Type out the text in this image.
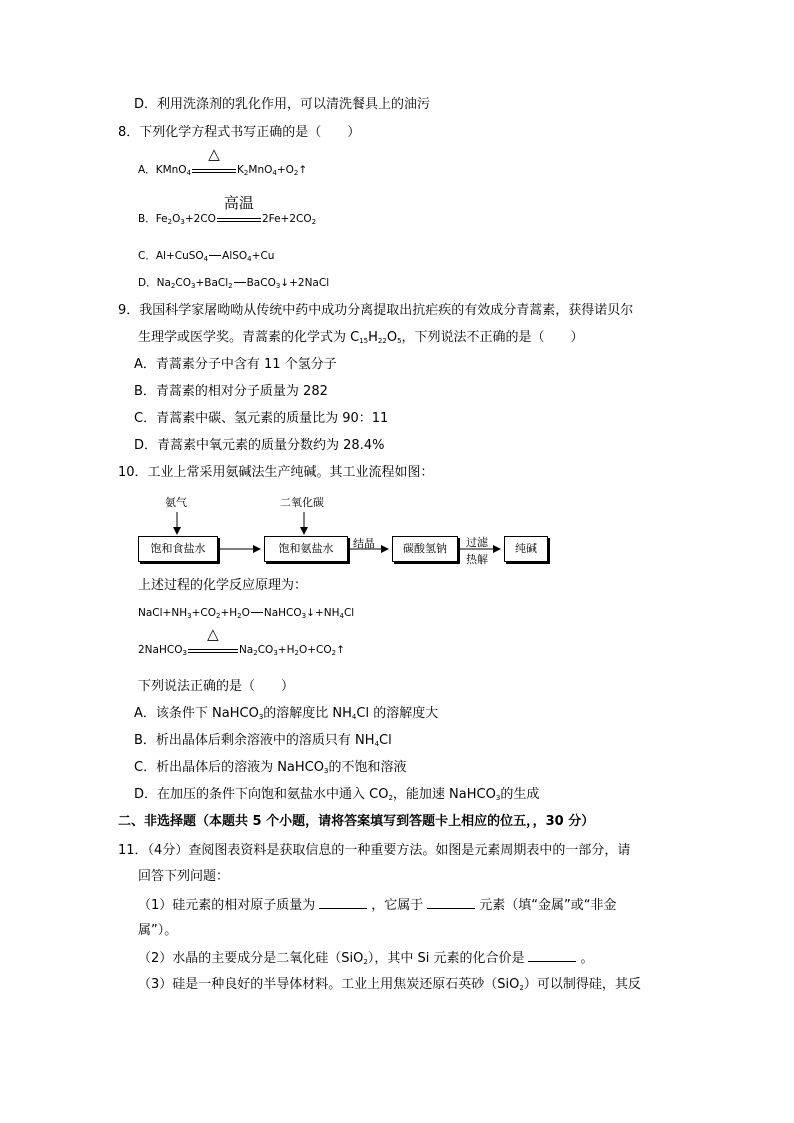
D．利用洗涤剂的乳化作用，可以清洗餐具上的油污
8．下列化学方程式书写正确的是（　　）
A．KMnO$_4$
△
$K_2MnO_4+O_2↑$
B．$Fe_2O_3+2CO$
高温
$2Fe+2CO_2$
C．Al+CuSO$_4$ AlSO$_4$+Cu
D．$Na_2CO_3+BaCl_2$ BaCO$_3$↓+2NaCl
9．我国科学家屠呦呦从传统中药中成功分离提取出抗疟疾的有效成分青蒿素，获得诺贝尔
生理学或医学奖。青蒿素的化学式为 $C_{15}H_{22}O_5$，下列说法不正确的是（　　）
A．青蒿素分子中含有 11 个氢分子
B．青蒿素的相对分子质量为 282
C．青蒿素中碳、氢元素的质量比为 90：11
D．青蒿素中氧元素的质量分数约为 28.4%
10．工业上常采用氨碱法生产纯碱。其工业流程如图：
氨气	二氧化碳
饱和食盐水	饱和氨盐水	结晶	碳酸氢钠	过滤
热解
纯碱
上述过程的化学反应原理为：
$NaCl+NH_3+CO_2+H_2O$ $NaHCO_3↓+NH_4Cl$
2NaHCO$_3$
△
$Na_2CO_3+H_2O+CO_2↑$
下列说法正确的是（　　）
A．该条件下 NaHCO$_3$的溶解度比 $NH_4Cl$ 的溶解度大
B．析出晶体后剩余溶液中的溶质只有 $NH_4Cl$
C．析出晶体后的溶液为 NaHCO$_3$的不饱和溶液
D．在加压的条件下向饱和氨盐水中通入 $CO_2$，能加速 NaHCO$_3$的生成
二、非选择题（本题共 5 个小题，请将答案填写到答题卡上相应的位五，，30 分）
11．（4分）查阅图表资料是获取信息的一种重要方法。如图是元素周期表中的一部分，请
回答下列问题：
（1）硅元素的相对原子质量为	，它属于	元素（填“金属”或“非金
属”）。
（2）水晶的主要成分是二氧化硅（SiO$_2$），其中 Si 元素的化合价是	。
（3）硅是一种良好的半导体材料。工业上用焦炭还原石英砂（SiO$_2$）可以制得硅，其反
